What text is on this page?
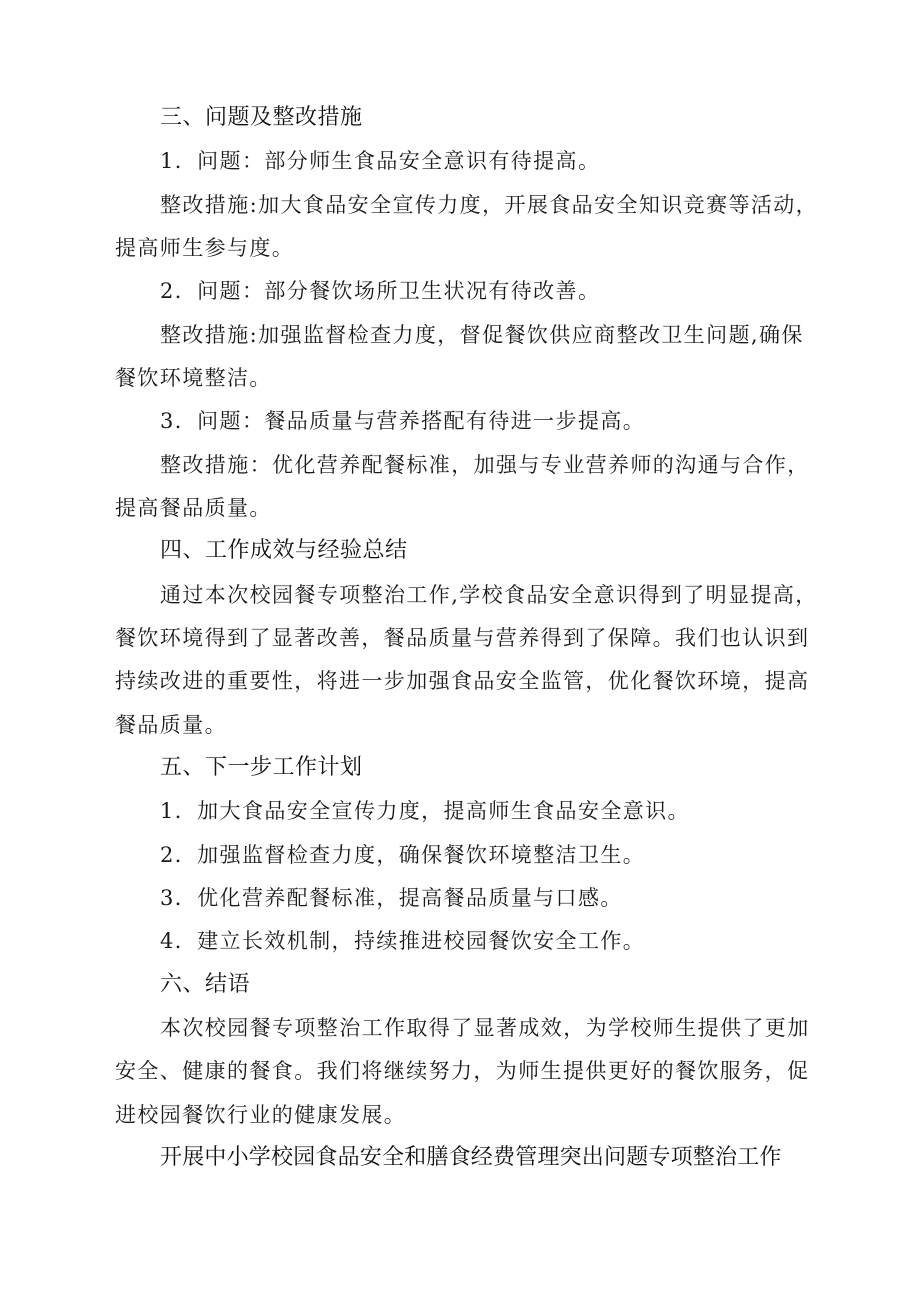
三、问题及整改措施
1．问题：部分师生食品安全意识有待提高。
整改措施:加大食品安全宣传力度，开展食品安全知识竞赛等活动，
提高师生参与度。
2．问题：部分餐饮场所卫生状况有待改善。
整改措施:加强监督检查力度，督促餐饮供应商整改卫生问题,确保
餐饮环境整洁。
3．问题：餐品质量与营养搭配有待进一步提高。
整改措施：优化营养配餐标准，加强与专业营养师的沟通与合作，
提高餐品质量。
四、工作成效与经验总结
通过本次校园餐专项整治工作,学校食品安全意识得到了明显提高，
餐饮环境得到了显著改善，餐品质量与营养得到了保障。我们也认识到
持续改进的重要性，将进一步加强食品安全监管，优化餐饮环境，提高
餐品质量。
五、下一步工作计划
1．加大食品安全宣传力度，提高师生食品安全意识。
2．加强监督检查力度，确保餐饮环境整洁卫生。
3．优化营养配餐标准，提高餐品质量与口感。
4．建立长效机制，持续推进校园餐饮安全工作。
六、结语
本次校园餐专项整治工作取得了显著成效，为学校师生提供了更加
安全、健康的餐食。我们将继续努力，为师生提供更好的餐饮服务，促
进校园餐饮行业的健康发展。
开展中小学校园食品安全和膳食经费管理突出问题专项整治工作
